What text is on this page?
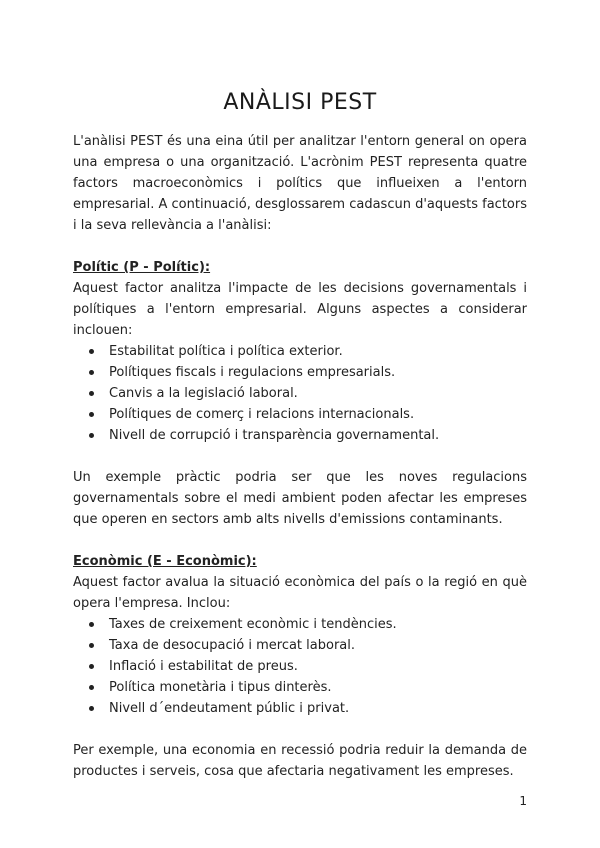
ANÀLISI PEST

L'anàlisi PEST és una eina útil per analitzar l'entorn general on opera una empresa o una organització. L'acrònim PEST representa quatre factors macroeconòmics i polítics que influeixen a l'entorn empresarial. A continuació, desglossarem cadascun d'aquests factors i la seva rellevància a l'anàlisi:

Polític (P - Polític):

Aquest factor analitza l'impacte de les decisions governamentals i polítiques a l'entorn empresarial. Alguns aspectes a considerar inclouen:

Estabilitat política i política exterior.
Polítiques fiscals i regulacions empresarials.
Canvis a la legislació laboral.
Polítiques de comerç i relacions internacionals.
Nivell de corrupció i transparència governamental.

Un exemple pràctic podria ser que les noves regulacions governamentals sobre el medi ambient poden afectar les empreses que operen en sectors amb alts nivells d'emissions contaminants.

Econòmic (E - Econòmic):

Aquest factor avalua la situació econòmica del país o la regió en què opera l'empresa. Inclou:

Taxes de creixement econòmic i tendències.
Taxa de desocupació i mercat laboral.
Inflació i estabilitat de preus.
Política monetària i tipus dinterès.
Nivell d´endeutament públic i privat.

Per exemple, una economia en recessió podria reduir la demanda de productes i serveis, cosa que afectaria negativament les empreses.

1
